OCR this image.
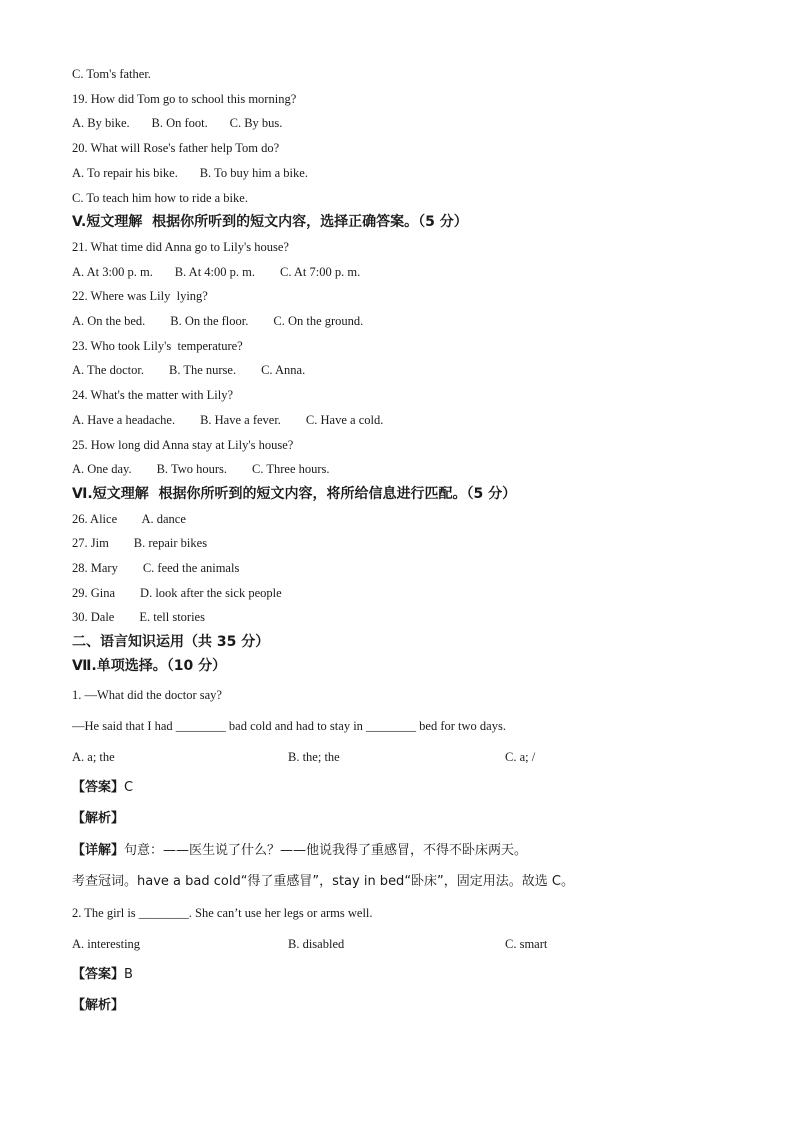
C. Tom's father.
19. How did Tom go to school this morning?
A. By bike.       B. On foot.       C. By bus.
20. What will Rose's father help Tom do?
A. To repair his bike.       B. To buy him a bike.
C. To teach him how to ride a bike.
V.短文理解  根据你所听到的短文内容，选择正确答案。（5 分）
21. What time did Anna go to Lily's house?
A. At 3:00 p. m.       B. At 4:00 p. m.        C. At 7:00 p. m.
22. Where was Lily  lying?
A. On the bed.        B. On the floor.        C. On the ground.
23. Who took Lily's  temperature?
A. The doctor.        B. The nurse.        C. Anna.
24. What's the matter with Lily?
A. Have a headache.        B. Have a fever.        C. Have a cold.
25. How long did Anna stay at Lily's house?
A. One day.        B. Two hours.        C. Three hours.
Ⅵ.短文理解  根据你所听到的短文内容，将所给信息进行匹配。（5 分）
26. Alice        A. dance
27. Jim        B. repair bikes
28. Mary        C. feed the animals
29. Gina        D. look after the sick people
30. Dale        E. tell stories
二、语言知识运用（共 35 分）
Ⅶ.单项选择。（10 分）
1. —What did the doctor say?
—He said that I had ________ bad cold and had to stay in ________ bed for two days.
A. a; the	B. the; the	C. a; /
【答案】C
【解析】
【详解】句意：——医生说了什么？——他说我得了重感冒，不得不卧床两天。
考查冠词。have a bad cold“得了重感冒”，stay in bed“卧床”，固定用法。故选 C。
2. The girl is ________. She can’t use her legs or arms well.
A. interesting	B. disabled	C. smart
【答案】B
【解析】
